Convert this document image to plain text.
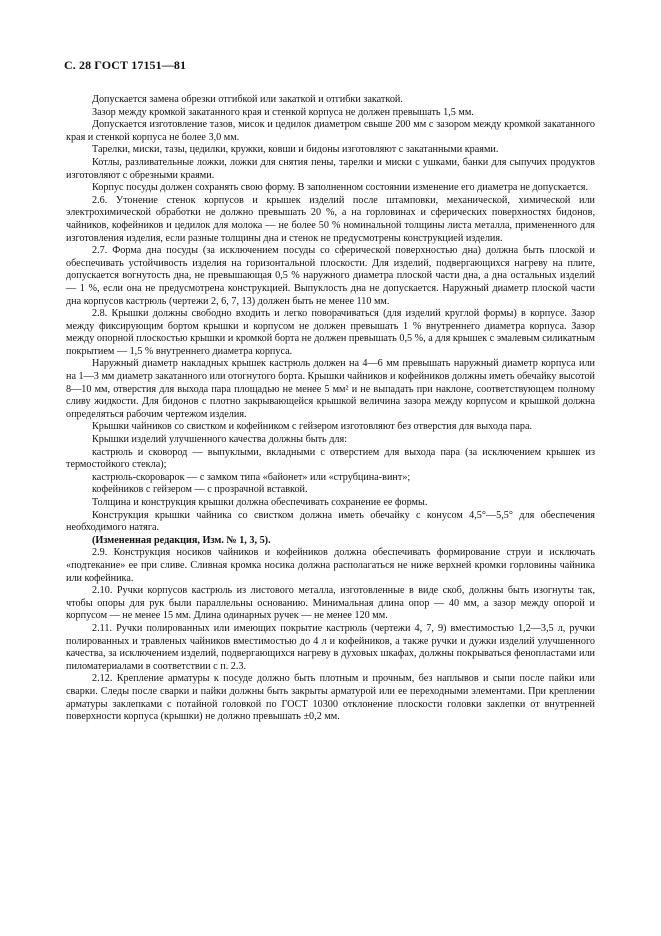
С. 28 ГОСТ 17151—81

Допускается замена обрезки отгибкой или закаткой и отгибки закаткой.

Зазор между кромкой закатанного края и стенкой корпуса не должен превышать 1,5 мм.

Допускается изготовление тазов, мисок и цедилок диаметром свыше 200 мм с зазором между кромкой закатанного края и стенкой корпуса не более 3,0 мм.

Тарелки, миски, тазы, цедилки, кружки, ковши и бидоны изготовляют с закатанными краями.

Котлы, разливательные ложки, ложки для снятия пены, тарелки и миски с ушками, банки для сыпучих продуктов изготовляют с обрезными краями.

Корпус посуды должен сохранять свою форму. В заполненном состоянии изменение его диаметра не допускается.

2.6. Утонение стенок корпусов и крышек изделий после штамповки, механической, химической или электрохимической обработки не должно превышать 20 %, а на горловинах и сферических поверхностях бидонов, чайников, кофейников и цедилок для молока — не более 50 % номинальной толщины листа металла, примененного для изготовления изделия, если разные толщины дна и стенок не предусмотрены конструкцией изделия.

2.7. Форма дна посуды (за исключением посуды со сферической поверхностью дна) должна быть плоской и обеспечивать устойчивость изделия на горизонтальной плоскости. Для изделий, подвергающихся нагреву на плите, допускается вогнутость дна, не превышающая 0,5 % наружного диаметра плоской части дна, а дна остальных изделий — 1 %, если она не предусмотрена конструкцией. Выпуклость дна не допускается. Наружный диаметр плоской части дна корпусов кастрюль (чертежи 2, 6, 7, 13) должен быть не менее 110 мм.

2.8. Крышки должны свободно входить и легко поворачиваться (для изделий круглой формы) в корпусе. Зазор между фиксирующим бортом крышки и корпусом не должен превышать 1 % внутреннего диаметра корпуса. Зазор между опорной плоскостью крышки и кромкой борта не должен превышать 0,5 %, а для крышек с эмалевым силикатным покрытием — 1,5 % внутреннего диаметра корпуса.

Наружный диаметр накладных крышек кастрюль должен на 4—6 мм превышать наружный диаметр корпуса или на 1—3 мм диаметр закатанного или отогнутого борта. Крышки чайников и кофейников должны иметь обечайку высотой 8—10 мм, отверстия для выхода пара площадью не менее 5 мм² и не выпадать при наклоне, соответствующем полному сливу жидкости. Для бидонов с плотно закрывающейся крышкой величина зазора между корпусом и крышкой должна определяться рабочим чертежом изделия.

Крышки чайников со свистком и кофейником с гейзером изготовляют без отверстия для выхода пара.

Крышки изделий улучшенного качества должны быть для:

кастрюль и сковород — выпуклыми, вкладными с отверстием для выхода пара (за исключением крышек из термостойкого стекла);

кастрюль-скороварок — с замком типа «байонет» или «струбцина-винт»;

кофейников с гейзером — с прозрачной вставкой.

Толщина и конструкция крышки должна обеспечивать сохранение ее формы.

Конструкция крышки чайника со свистком должна иметь обечайку с конусом 4,5°—5,5° для обеспечения необходимого натяга.

(Измененная редакция, Изм. № 1, 3, 5).

2.9. Конструкция носиков чайников и кофейников должна обеспечивать формирование струи и исключать «подтекание» ее при сливе. Сливная кромка носика должна располагаться не ниже верхней кромки горловины чайника или кофейника.

2.10. Ручки корпусов кастрюль из листового металла, изготовленные в виде скоб, должны быть изогнуты так, чтобы опоры для рук были параллельны основанию. Минимальная длина опор — 40 мм, а зазор между опорой и корпусом — не менее 15 мм. Длина одинарных ручек — не менее 120 мм.

2.11. Ручки полированных или имеющих покрытие кастрюль (чертежи 4, 7, 9) вместимостью 1,2—3,5 л, ручки полированных и травленых чайников вместимостью до 4 л и кофейников, а также ручки и дужки изделий улучшенного качества, за исключением изделий, подвергающихся нагреву в духовых шкафах, должны покрываться фенопластами или пиломатериалами в соответствии с п. 2.3.

2.12. Крепление арматуры к посуде должно быть плотным и прочным, без наплывов и сыпи после пайки или сварки. Следы после сварки и пайки должны быть закрыты арматурой или ее переходными элементами. При креплении арматуры заклепками с потайной головкой по ГОСТ 10300 отклонение плоскости головки заклепки от внутренней поверхности корпуса (крышки) не должно превышать ±0,2 мм.
